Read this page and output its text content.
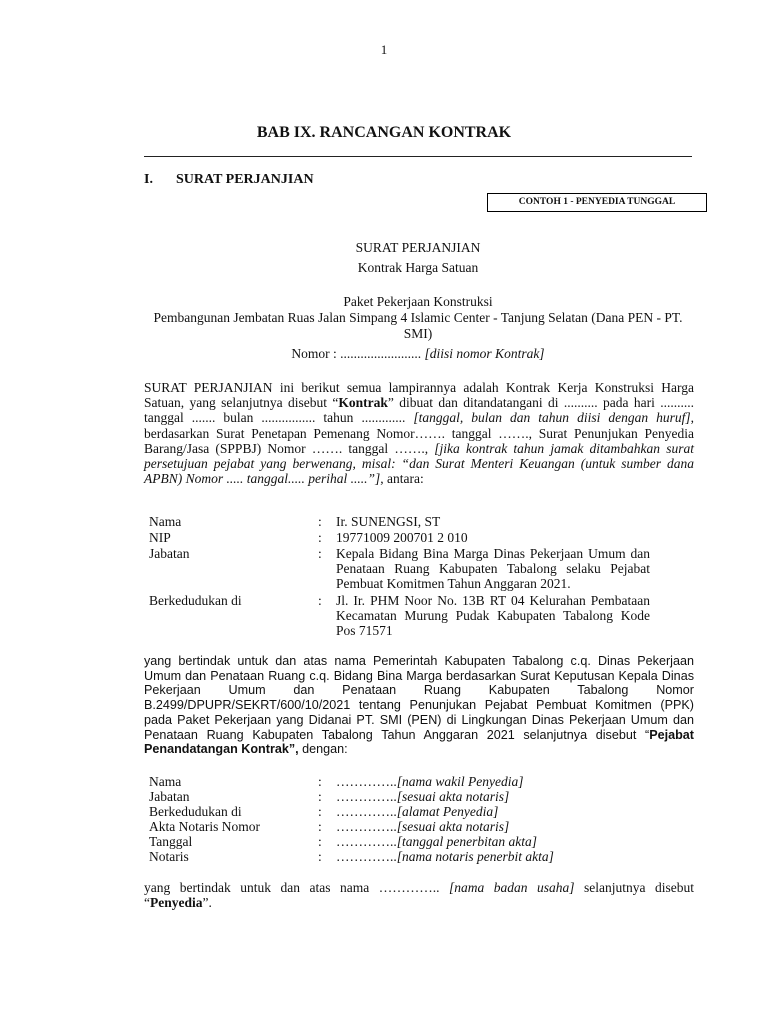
1
BAB IX. RANCANGAN KONTRAK
I. SURAT PERJANJIAN
CONTOH 1 - PENYEDIA TUNGGAL
SURAT PERJANJIAN
Kontrak Harga Satuan
Paket Pekerjaan Konstruksi
Pembangunan Jembatan Ruas Jalan Simpang 4 Islamic Center - Tanjung Selatan (Dana PEN - PT. SMI)
Nomor : ........................ [diisi nomor Kontrak]

SURAT PERJANJIAN ini berikut semua lampirannya adalah Kontrak Kerja Konstruksi Harga Satuan, yang selanjutnya disebut “Kontrak” dibuat dan ditandatangani di .......... pada hari .......... tanggal ....... bulan ................ tahun ............. [tanggal, bulan dan tahun diisi dengan huruf], berdasarkan Surat Penetapan Pemenang Nomor……. tanggal ……., Surat Penunjukan Penyedia Barang/Jasa (SPPBJ) Nomor ……. tanggal ……., [jika kontrak tahun jamak ditambahkan surat persetujuan pejabat yang berwenang, misal: “dan Surat Menteri Keuangan (untuk sumber dana APBN) Nomor ..... tanggal..... perihal .....”], antara:

Nama	: Ir. SUNENGSI, ST
NIP	: 19771009 200701 2 010
Jabatan	: Kepala Bidang Bina Marga Dinas Pekerjaan Umum dan Penataan Ruang Kabupaten Tabalong selaku Pejabat Pembuat Komitmen Tahun Anggaran 2021.
Berkedudukan di	: Jl. Ir. PHM Noor No. 13B RT 04 Kelurahan Pembataan Kecamatan Murung Pudak Kabupaten Tabalong Kode Pos 71571

yang bertindak untuk dan atas nama Pemerintah Kabupaten Tabalong c.q. Dinas Pekerjaan Umum dan Penataan Ruang c.q. Bidang Bina Marga berdasarkan Surat Keputusan Kepala Dinas Pekerjaan Umum dan Penataan Ruang Kabupaten Tabalong Nomor B.2499/DPUPR/SEKRT/600/10/2021 tentang Penunjukan Pejabat Pembuat Komitmen (PPK) pada Paket Pekerjaan yang Didanai PT. SMI (PEN) di Lingkungan Dinas Pekerjaan Umum dan Penataan Ruang Kabupaten Tabalong Tahun Anggaran 2021 selanjutnya disebut “Pejabat Penandatangan Kontrak”, dengan:

Nama	: …………..[nama wakil Penyedia]
Jabatan	: …………..[sesuai akta notaris]
Berkedudukan di	: …………..[alamat Penyedia]
Akta Notaris Nomor	: …………..[sesuai akta notaris]
Tanggal	: …………..[tanggal penerbitan akta]
Notaris	: …………..[nama notaris penerbit akta]

yang bertindak untuk dan atas nama ………….. [nama badan usaha] selanjutnya disebut “Penyedia”.
